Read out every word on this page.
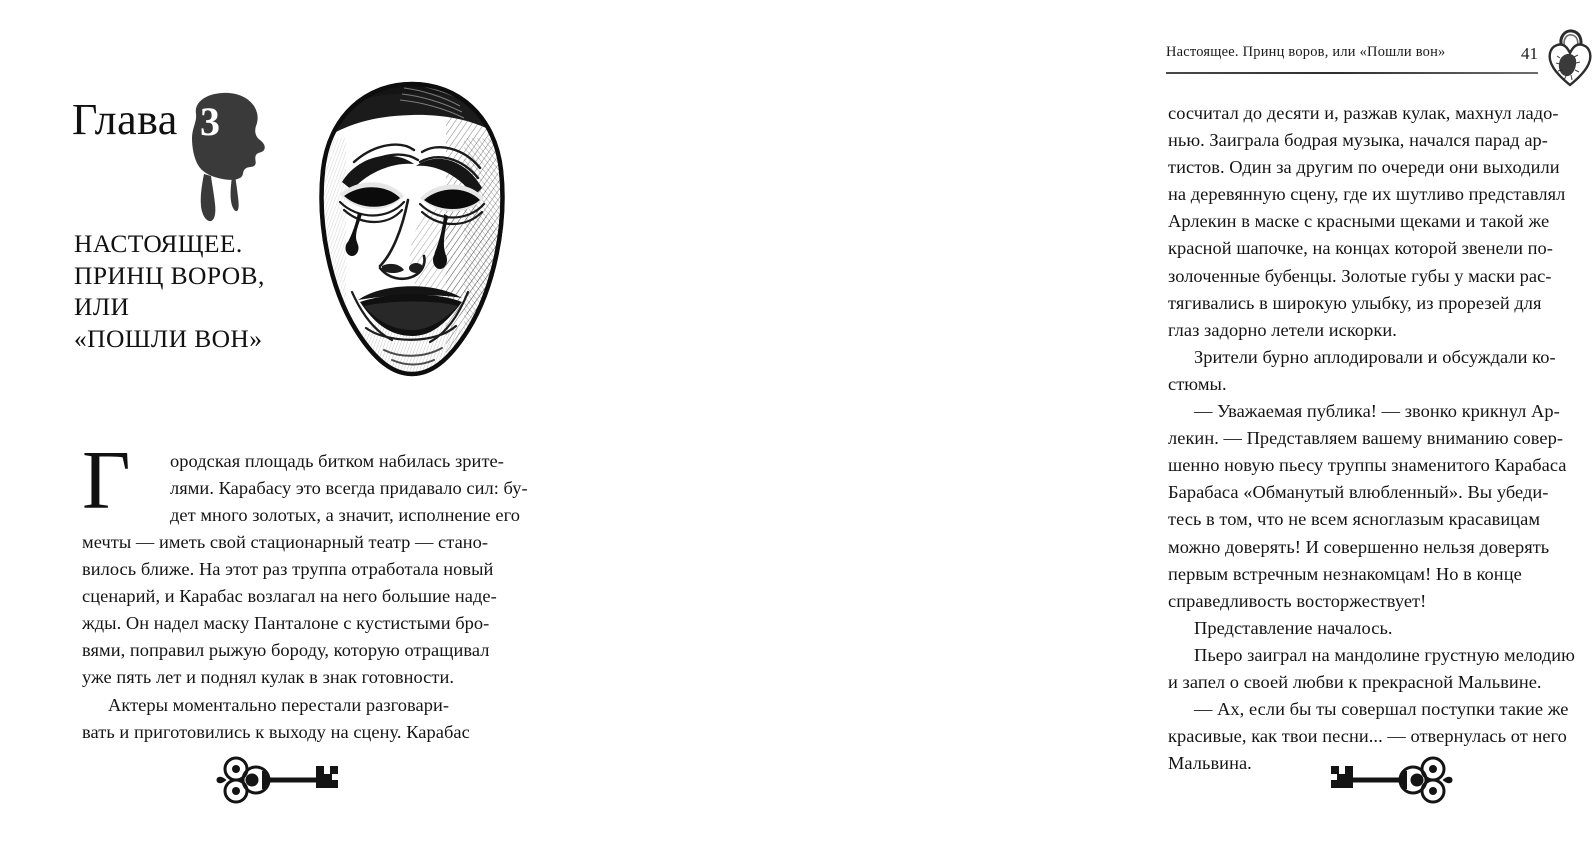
Глава 3
НАСТОЯЩЕЕ.
ПРИНЦ ВОРОВ,
ИЛИ
«ПОШЛИ ВОН»
Г ородская площадь битком набилась зрите-
лями. Карабасу это всегда придавало сил: бу-
дет много золотых, а значит, исполнение его
мечты — иметь свой стационарный театр — стано-
вилось ближе. На этот раз труппа отработала новый
сценарий, и Карабас возлагал на него большие наде-
жды. Он надел маску Панталоне с кустистыми бро-
вями, поправил рыжую бороду, которую отращивал
уже пять лет и поднял кулак в знак готовности.
Актеры моментально перестали разговари-
вать и приготовились к выходу на сцену. Карабас
Настоящее. Принц воров, или «Пошли вон»	41
сосчитал до десяти и, разжав кулак, махнул ладо-
нью. Заиграла бодрая музыка, начался парад ар-
тистов. Один за другим по очереди они выходили
на деревянную сцену, где их шутливо представлял
Арлекин в маске с красными щеками и такой же
красной шапочке, на концах которой звенели по-
золоченные бубенцы. Золотые губы у маски рас-
тягивались в широкую улыбку, из прорезей для
глаз задорно летели искорки.
Зрители бурно аплодировали и обсуждали ко-
стюмы.
— Уважаемая публика! — звонко крикнул Ар-
лекин. — Представляем вашему вниманию совер-
шенно новую пьесу труппы знаменитого Карабаса
Барабаса «Обманутый влюбленный». Вы убеди-
тесь в том, что не всем ясноглазым красавицам
можно доверять! И совершенно нельзя доверять
первым встречным незнакомцам! Но в конце
справедливость восторжествует!
Представление началось.
Пьеро заиграл на мандолине грустную мелодию
и запел о своей любви к прекрасной Мальвине.
— Ах, если бы ты совершал поступки такие же
красивые, как твои песни... — отвернулась от него
Мальвина.
